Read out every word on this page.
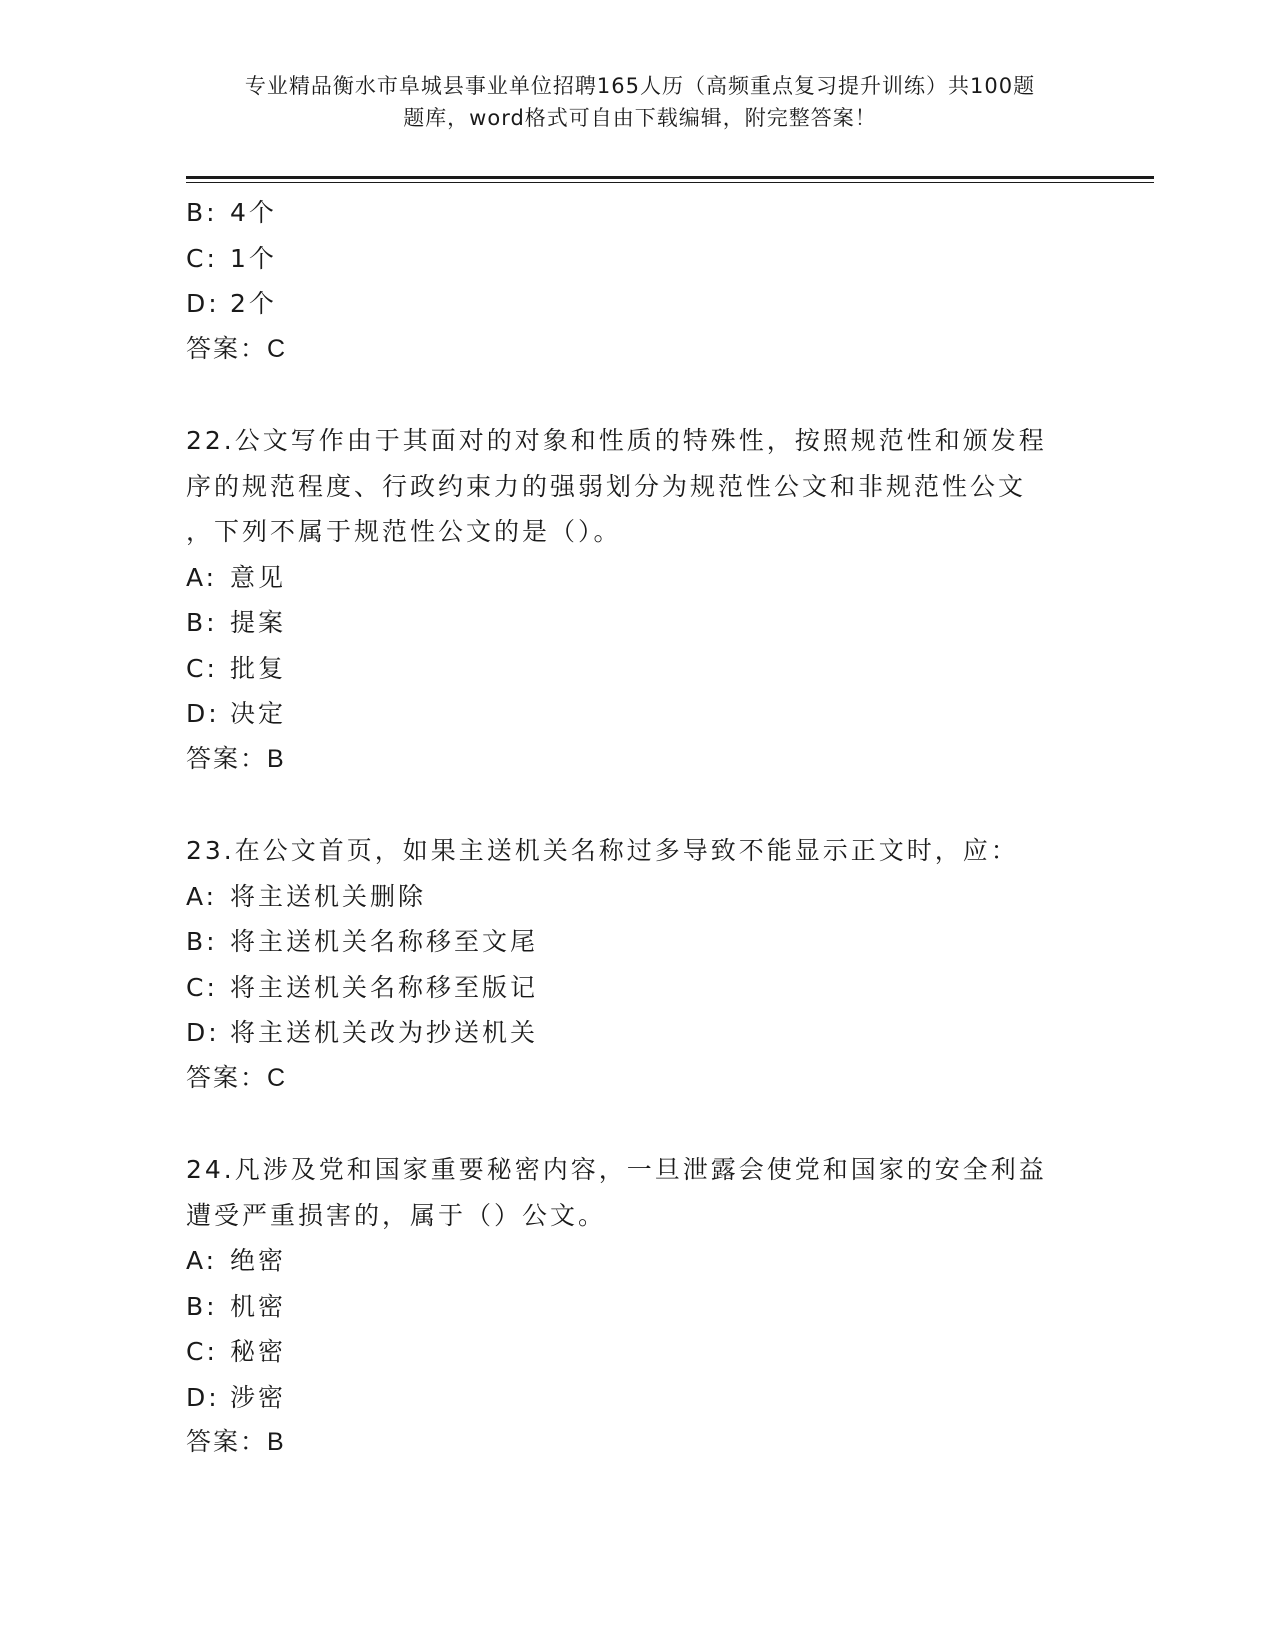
专业精品衡水市阜城县事业单位招聘165人历（高频重点复习提升训练）共100题
题库，word格式可自由下载编辑，附完整答案！
B: 4个
C: 1个
D: 2个
答案：C
22.公文写作由于其面对的对象和性质的特殊性，按照规范性和颁发程
序的规范程度、行政约束力的强弱划分为规范性公文和非规范性公文
，下列不属于规范性公文的是（）。
A: 意见
B: 提案
C: 批复
D: 决定
答案：B
23.在公文首页，如果主送机关名称过多导致不能显示正文时，应：
A: 将主送机关删除
B: 将主送机关名称移至文尾
C: 将主送机关名称移至版记
D: 将主送机关改为抄送机关
答案：C
24.凡涉及党和国家重要秘密内容，一旦泄露会使党和国家的安全利益
遭受严重损害的，属于（）公文。
A: 绝密
B: 机密
C: 秘密
D: 涉密
答案：B
